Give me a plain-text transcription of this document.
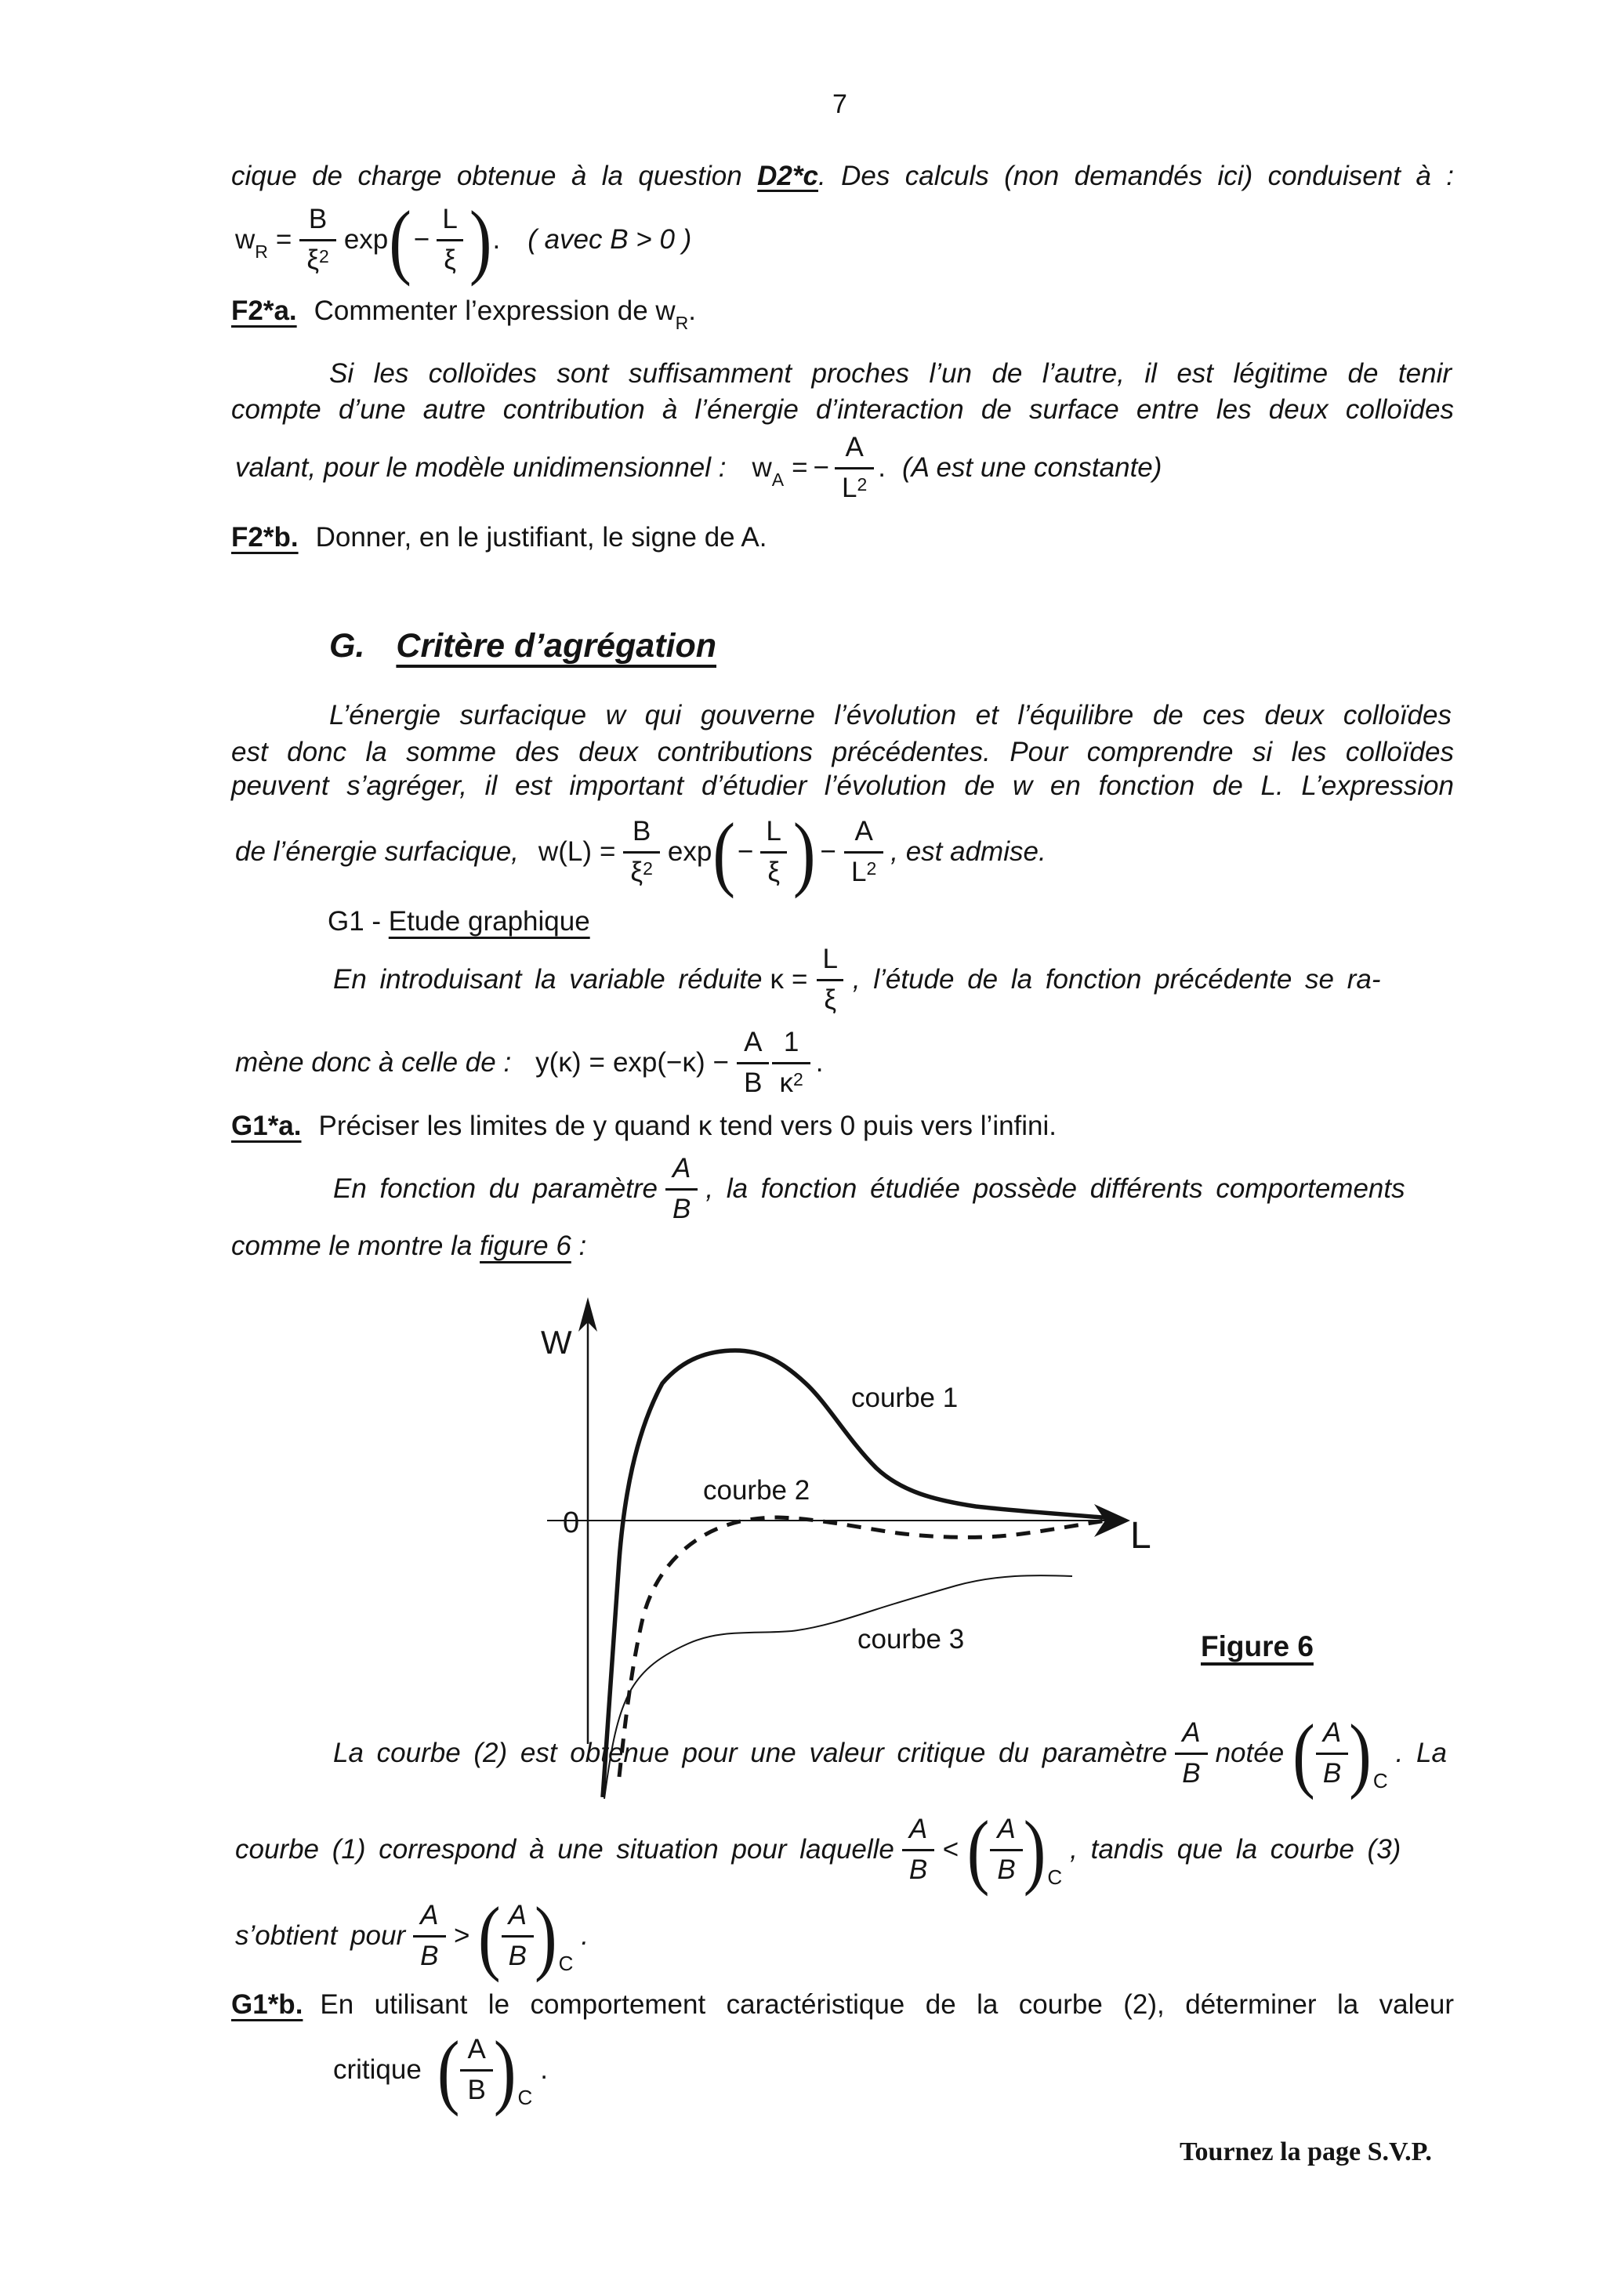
7
cique de charge obtenue à la question D2*c. Des calculs (non demandés ici) conduisent à :
$w_R = \frac{B}{\xi^2}$ exp ( − $\frac{L}{\xi}$ ) . ( avec B > 0 )
F2*a. Commenter l’expression de $w_R$.
Si les colloïdes sont suffisamment proches l’un de l’autre, il est légitime de tenir
compte d’une autre contribution à l’énergie d’interaction de surface entre les deux colloïdes
valant, pour le modèle unidimensionnel : $w_A$ = − $\frac{A}{L^2}$ . (A est une constante)
F2*b. Donner, en le justifiant, le signe de A.
G. Critère d’agrégation
L’énergie surfacique w qui gouverne l’évolution et l’équilibre de ces deux colloïdes
est donc la somme des deux contributions précédentes. Pour comprendre si les colloïdes
peuvent s’agréger, il est important d’étudier l’évolution de w en fonction de L. L’expression
de l’énergie surfacique, $w(L) = \frac{B}{\xi^2}$ exp ( − $\frac{L}{\xi}$ ) − $\frac{A}{L^2}$ , est admise.
G1 - Etude graphique
En introduisant la variable réduite $\kappa = \frac{L}{\xi}$ , l’étude de la fonction précédente se ra-
mène donc à celle de : $y(\kappa) = \exp(-\kappa) - \frac{A}{B} \frac{1}{\kappa^2}$ .
G1*a. Préciser les limites de y quand κ tend vers 0 puis vers l’infini.
En fonction du paramètre $\frac{A}{B}$ , la fonction étudiée possède différents comportements
comme le montre la figure 6 :
W
0	L
courbe 1
courbe 2
courbe 3	Figure 6
La courbe (2) est obtenue pour une valeur critique du paramètre $\frac{A}{B}$ notée ( $\frac{A}{B}$ ) C
. La
courbe (1) correspond à une situation pour laquelle $\frac{A}{B}$ < ( $\frac{A}{B}$ ) C
, tandis que la courbe (3)
s’obtient pour $\frac{A}{B}$ > ( $\frac{A}{B}$ ) C
.
G1*b. En utilisant le comportement caractéristique de la courbe (2), déterminer la valeur
critique ( $\frac{A}{B}$ ) C
.
Tournez la page S.V.P.
